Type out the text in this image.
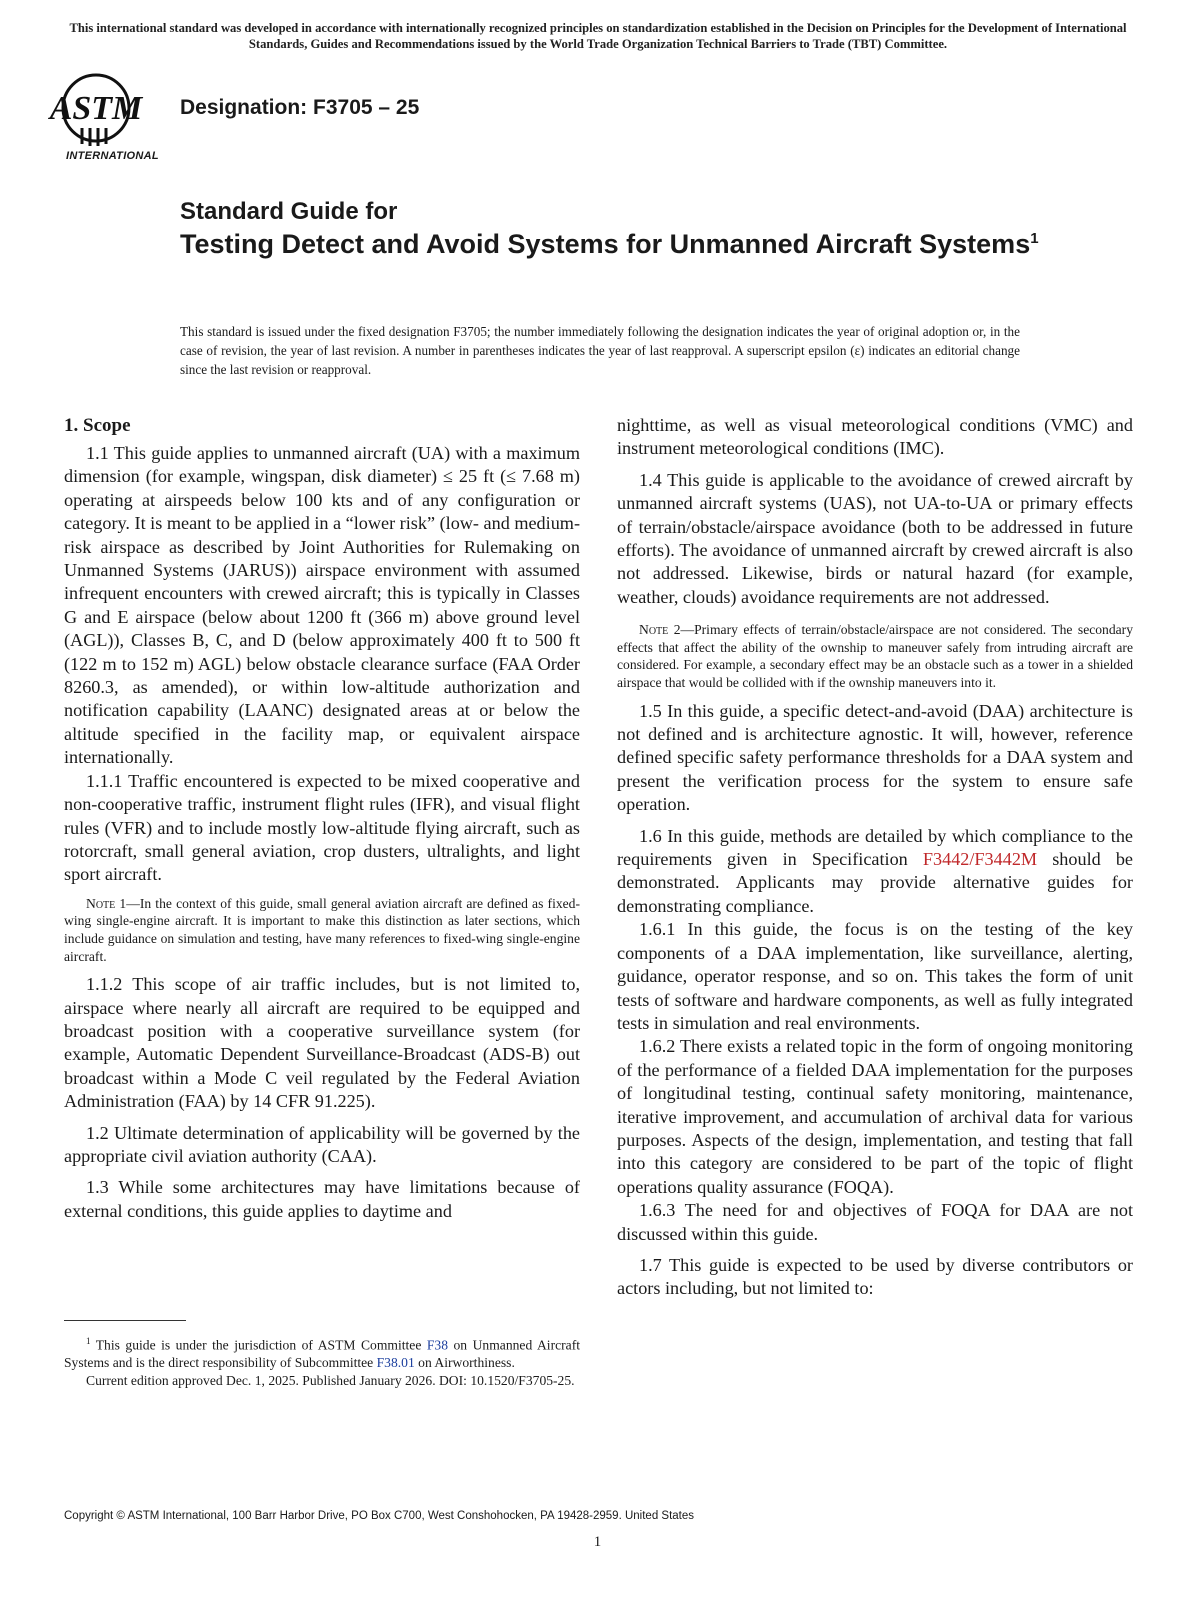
This international standard was developed in accordance with internationally recognized principles on standardization established in the Decision on Principles for the Development of International Standards, Guides and Recommendations issued by the World Trade Organization Technical Barriers to Trade (TBT) Committee.
ASTM
INTERNATIONAL
Designation: F3705 – 25
Standard Guide for
Testing Detect and Avoid Systems for Unmanned Aircraft Systems$^1$
This standard is issued under the fixed designation F3705; the number immediately following the designation indicates the year of original adoption or, in the case of revision, the year of last revision. A number in parentheses indicates the year of last reapproval. A superscript epsilon (ε) indicates an editorial change since the last revision or reapproval.
1. Scope

1.1 This guide applies to unmanned aircraft (UA) with a maximum dimension (for example, wingspan, disk diameter) ≤ 25 ft (≤ 7.68 m) operating at airspeeds below 100 kts and of any configuration or category. It is meant to be applied in a “lower risk” (low- and medium-risk airspace as described by Joint Authorities for Rulemaking on Unmanned Systems (JARUS)) airspace environment with assumed infrequent encounters with crewed aircraft; this is typically in Classes G and E airspace (below about 1200 ft (366 m) above ground level (AGL)), Classes B, C, and D (below approximately 400 ft to 500 ft (122 m to 152 m) AGL) below obstacle clearance surface (FAA Order 8260.3, as amended), or within low-altitude authorization and notification capability (LAANC) designated areas at or below the altitude specified in the facility map, or equivalent airspace internationally.

1.1.1 Traffic encountered is expected to be mixed cooperative and non-cooperative traffic, instrument flight rules (IFR), and visual flight rules (VFR) and to include mostly low-altitude flying aircraft, such as rotorcraft, small general aviation, crop dusters, ultralights, and light sport aircraft.

Note 1—In the context of this guide, small general aviation aircraft are defined as fixed-wing single-engine aircraft. It is important to make this distinction as later sections, which include guidance on simulation and testing, have many references to fixed-wing single-engine aircraft.

1.1.2 This scope of air traffic includes, but is not limited to, airspace where nearly all aircraft are required to be equipped and broadcast position with a cooperative surveillance system (for example, Automatic Dependent Surveillance-Broadcast (ADS-B) out broadcast within a Mode C veil regulated by the Federal Aviation Administration (FAA) by 14 CFR 91.225).

1.2 Ultimate determination of applicability will be governed by the appropriate civil aviation authority (CAA).

1.3 While some architectures may have limitations because of external conditions, this guide applies to daytime and

nighttime, as well as visual meteorological conditions (VMC) and instrument meteorological conditions (IMC).

1.4 This guide is applicable to the avoidance of crewed aircraft by unmanned aircraft systems (UAS), not UA-to-UA or primary effects of terrain/obstacle/airspace avoidance (both to be addressed in future efforts). The avoidance of unmanned aircraft by crewed aircraft is also not addressed. Likewise, birds or natural hazard (for example, weather, clouds) avoidance requirements are not addressed.

Note 2—Primary effects of terrain/obstacle/airspace are not considered. The secondary effects that affect the ability of the ownship to maneuver safely from intruding aircraft are considered. For example, a secondary effect may be an obstacle such as a tower in a shielded airspace that would be collided with if the ownship maneuvers into it.

1.5 In this guide, a specific detect-and-avoid (DAA) architecture is not defined and is architecture agnostic. It will, however, reference defined specific safety performance thresholds for a DAA system and present the verification process for the system to ensure safe operation.

1.6 In this guide, methods are detailed by which compliance to the requirements given in Specification F3442/F3442M should be demonstrated. Applicants may provide alternative guides for demonstrating compliance.

1.6.1 In this guide, the focus is on the testing of the key components of a DAA implementation, like surveillance, alerting, guidance, operator response, and so on. This takes the form of unit tests of software and hardware components, as well as fully integrated tests in simulation and real environments.

1.6.2 There exists a related topic in the form of ongoing monitoring of the performance of a fielded DAA implementation for the purposes of longitudinal testing, continual safety monitoring, maintenance, iterative improvement, and accumulation of archival data for various purposes. Aspects of the design, implementation, and testing that fall into this category are considered to be part of the topic of flight operations quality assurance (FOQA).

1.6.3 The need for and objectives of FOQA for DAA are not discussed within this guide.

1.7 This guide is expected to be used by diverse contributors or actors including, but not limited to:

$^1$ This guide is under the jurisdiction of ASTM Committee F38 on Unmanned Aircraft Systems and is the direct responsibility of Subcommittee F38.01 on Airworthiness.

Current edition approved Dec. 1, 2025. Published January 2026. DOI: 10.1520/F3705-25.

Copyright © ASTM International, 100 Barr Harbor Drive, PO Box C700, West Conshohocken, PA 19428-2959. United States
1
